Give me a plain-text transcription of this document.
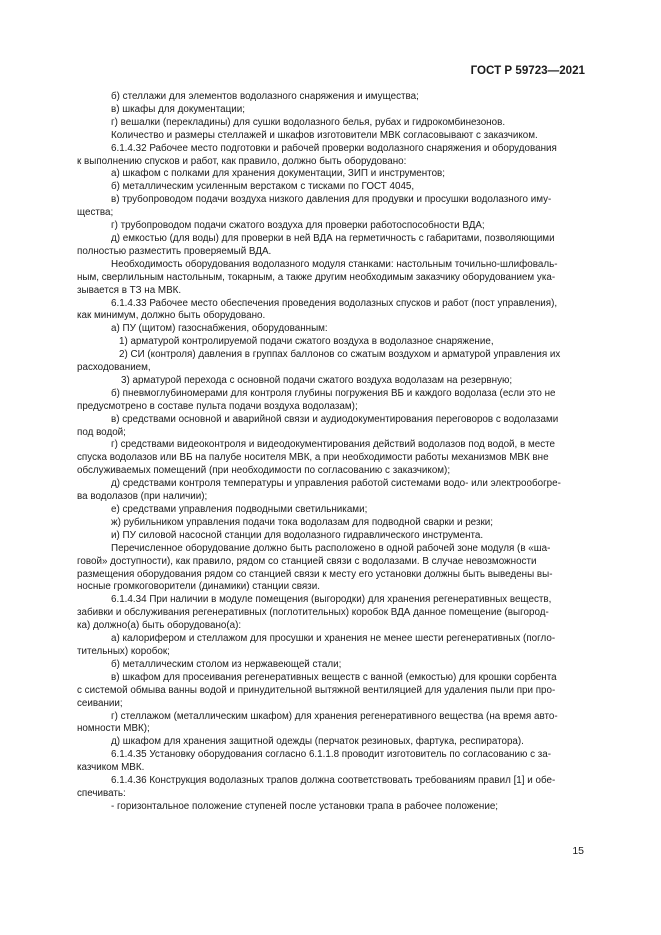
ГОСТ Р 59723—2021

б) стеллажи для элементов водолазного снаряжения и имущества;

в) шкафы для документации;

г) вешалки (перекладины) для сушки водолазного белья, рубах и гидрокомбинезонов.

Количество и размеры стеллажей и шкафов изготовители МВК согласовывают с заказчиком.

6.1.4.32 Рабочее место подготовки и рабочей проверки водолазного снаряжения и оборудования
к выполнению спусков и работ, как правило, должно быть оборудовано:

а) шкафом с полками для хранения документации, ЗИП и инструментов;

б) металлическим усиленным верстаком с тисками по ГОСТ 4045,

в) трубопроводом подачи воздуха низкого давления для продувки и просушки водолазного иму-
щества;

г) трубопроводом подачи сжатого воздуха для проверки работоспособности ВДА;

д) емкостью (для воды) для проверки в ней ВДА на герметичность с габаритами, позволяющими
полностью разместить проверяемый ВДА.

Необходимость оборудования водолазного модуля станками: настольным точильно-шлифоваль-
ным, сверлильным настольным, токарным, а также другим необходимым заказчику оборудованием ука-
зывается в ТЗ на МВК.

6.1.4.33 Рабочее место обеспечения проведения водолазных спусков и работ (пост управления),
как минимум, должно быть оборудовано.

а) ПУ (щитом) газоснабжения, оборудованным:

1) арматурой контролируемой подачи сжатого воздуха в водолазное снаряжение,

2) СИ (контроля) давления в группах баллонов со сжатым воздухом и арматурой управления их
расходованием,

3) арматурой перехода с основной подачи сжатого воздуха водолазам на резервную;

б) пневмоглубиномерами для контроля глубины погружения ВБ и каждого водолаза (если это не
предусмотрено в составе пульта подачи воздуха водолазам);

в) средствами основной и аварийной связи и аудиодокументирования переговоров с водолазами
под водой;

г) средствами видеоконтроля и видеодокументирования действий водолазов под водой, в месте
спуска водолазов или ВБ на палубе носителя МВК, а при необходимости работы механизмов МВК вне
обслуживаемых помещений (при необходимости по согласованию с заказчиком);

д) средствами контроля температуры и управления работой системами водо- или электрообогре-
ва водолазов (при наличии);

е) средствами управления подводными светильниками;

ж) рубильником управления подачи тока водолазам для подводной сварки и резки;

и) ПУ силовой насосной станции для водолазного гидравлического инструмента.

Перечисленное оборудование должно быть расположено в одной рабочей зоне модуля (в «ша-
говой» доступности), как правило, рядом со станцией связи с водолазами. В случае невозможности
размещения оборудования рядом со станцией связи к месту его установки должны быть выведены вы-
носные громкоговорители (динамики) станции связи.

6.1.4.34 При наличии в модуле помещения (выгородки) для хранения регенеративных веществ,
забивки и обслуживания регенеративных (поглотительных) коробок ВДА данное помещение (выгород-
ка) должно(а) быть оборудовано(а):

а) калорифером и стеллажом для просушки и хранения не менее шести регенеративных (погло-
тительных) коробок;

б) металлическим столом из нержавеющей стали;

в) шкафом для просеивания регенеративных веществ с ванной (емкостью) для крошки сорбента
с системой обмыва ванны водой и принудительной вытяжной вентиляцией для удаления пыли при про-
сеивании;

г) стеллажом (металлическим шкафом) для хранения регенеративного вещества (на время авто-
номности МВК);

д) шкафом для хранения защитной одежды (перчаток резиновых, фартука, респиратора).

6.1.4.35 Установку оборудования согласно 6.1.1.8 проводит изготовитель по согласованию с за-
казчиком МВК.

6.1.4.36 Конструкция водолазных трапов должна соответствовать требованиям правил [1] и обе-
спечивать:

- горизонтальное положение ступеней после установки трапа в рабочее положение;

15
